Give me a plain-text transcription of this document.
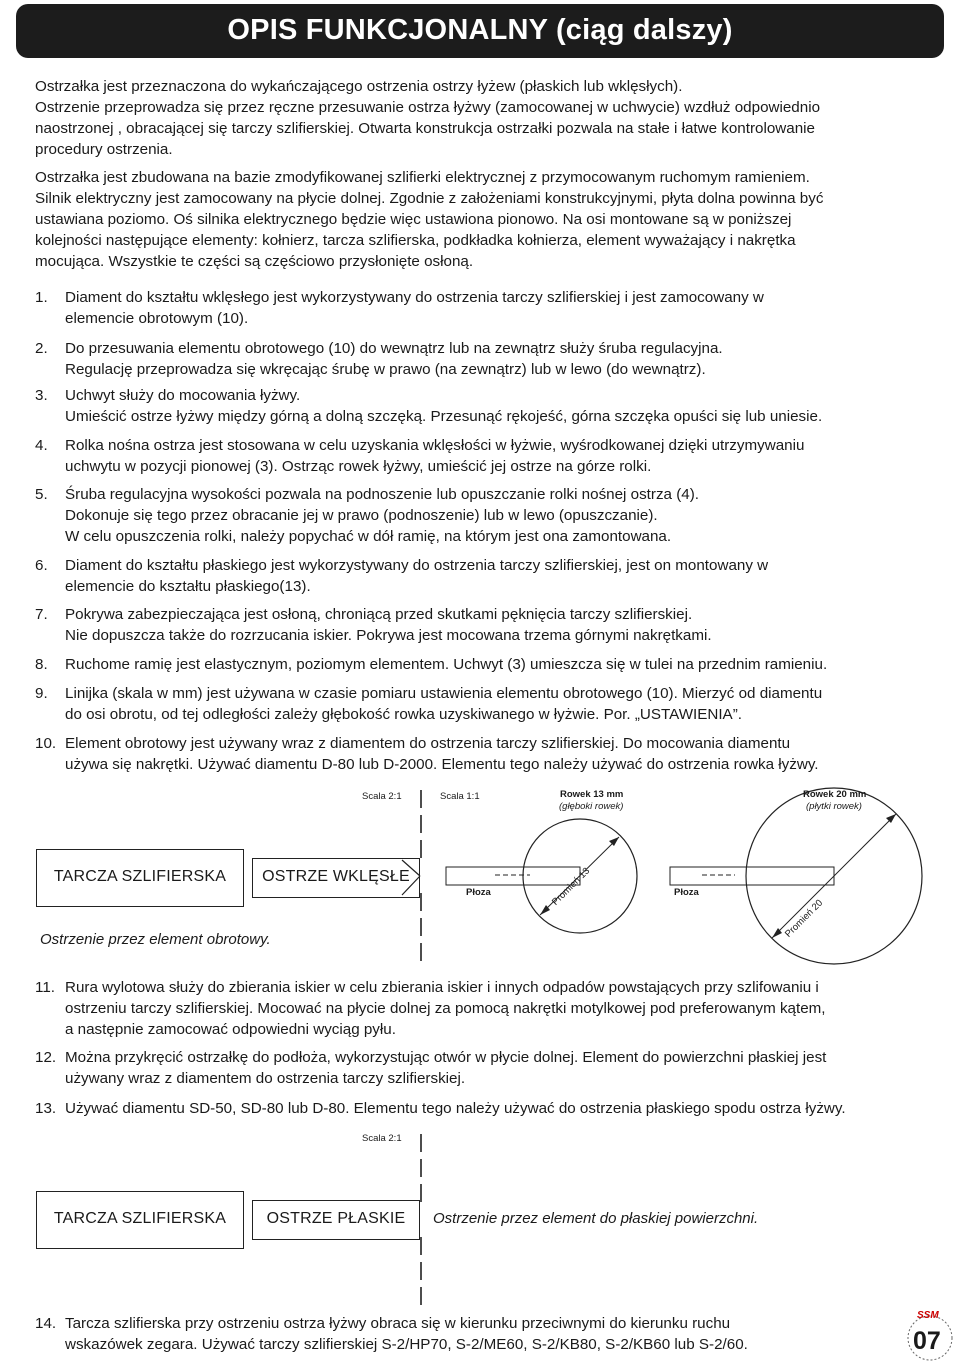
OPIS FUNKCJONALNY (ciąg dalszy)
Ostrzałka jest przeznaczona do wykańczającego ostrzenia ostrzy łyżew (płaskich lub wklęsłych).
Ostrzenie przeprowadza się przez ręczne przesuwanie ostrza łyżwy (zamocowanej w uchwycie) wzdłuż odpowiednio
naostrzonej , obracającej się tarczy szlifierskiej. Otwarta konstrukcja ostrzałki pozwala na stałe i łatwe kontrolowanie
procedury ostrzenia.
Ostrzałka jest zbudowana na bazie zmodyfikowanej szlifierki elektrycznej z przymocowanym ruchomym ramieniem.
Silnik elektryczny jest zamocowany na płycie dolnej. Zgodnie z założeniami konstrukcyjnymi, płyta dolna powinna być
ustawiana poziomo. Oś silnika elektrycznego będzie więc ustawiona pionowo. Na osi montowane są w poniższej
kolejności następujące elementy: kołnierz, tarcza szlifierska, podkładka kołnierza, element wyważający i nakrętka
mocująca. Wszystkie te części są częściowo przysłonięte osłoną.
1. Diament do kształtu wklęsłego jest wykorzystywany do ostrzenia tarczy szlifierskiej i jest zamocowany w
elemencie obrotowym (10).
2. Do przesuwania elementu obrotowego (10) do wewnątrz lub na zewnątrz służy śruba regulacyjna.
Regulację przeprowadza się wkręcając śrubę w prawo (na zewnątrz) lub w lewo (do wewnątrz).
3. Uchwyt służy do mocowania łyżwy.
Umieścić ostrze łyżwy między górną a dolną szczęką. Przesunąć rękojeść, górna szczęka opuści się lub uniesie.
4. Rolka nośna ostrza jest stosowana w celu uzyskania wklęsłości w łyżwie, wyśrodkowanej dzięki utrzymywaniu
uchwytu w pozycji pionowej (3). Ostrząc rowek łyżwy, umieścić jej ostrze na górze rolki.
5. Śruba regulacyjna wysokości pozwala na podnoszenie lub opuszczanie rolki nośnej ostrza (4).
Dokonuje się tego przez obracanie jej w prawo (podnoszenie) lub w lewo (opuszczanie).
W celu opuszczenia rolki, należy popychać w dół ramię, na którym jest ona zamontowana.
6. Diament do kształtu płaskiego jest wykorzystywany do ostrzenia tarczy szlifierskiej, jest on montowany w
elemencie do kształtu płaskiego(13).
7. Pokrywa zabezpieczająca jest osłoną, chroniącą przed skutkami pęknięcia tarczy szlifierskiej.
Nie dopuszcza także do rozrzucania iskier. Pokrywa jest mocowana trzema górnymi nakrętkami.
8. Ruchome ramię jest elastycznym, poziomym elementem. Uchwyt (3) umieszcza się w tulei na przednim ramieniu.
9. Linijka (skala w mm) jest używana w czasie pomiaru ustawienia elementu obrotowego (10). Mierzyć od diamentu
do osi obrotu, od tej odległości zależy głębokość rowka uzyskiwanego w łyżwie. Por. „USTAWIENIA”.
10. Element obrotowy jest używany wraz z diamentem do ostrzenia tarczy szlifierskiej. Do mocowania diamentu
używa się nakrętki. Używać diamentu D-80 lub D-2000. Elementu tego należy używać do ostrzenia rowka łyżwy.
Scala 2:1	Scala 1:1	Rowek 13 mm
(głęboki rowek)
Rowek 20 mm
(płytki rowek)
Płoza	Płoza
Promień 13
Promień 20
TARCZA SZLIFIERSKA	OSTRZE WKLĘSŁE
Ostrzenie przez element obrotowy.
11. Rura wylotowa służy do zbierania iskier w celu zbierania iskier i innych odpadów powstających przy szlifowaniu i
ostrzeniu tarczy szlifierskiej. Mocować na płycie dolnej za pomocą nakrętki motylkowej pod preferowanym kątem,
a następnie zamocować odpowiedni wyciąg pyłu.
12. Można przykręcić ostrzałkę do podłoża, wykorzystując otwór w płycie dolnej. Element do powierzchni płaskiej jest
używany wraz z diamentem do ostrzenia tarczy szlifierskiej.
13. Używać diamentu SD-50, SD-80 lub D-80. Elementu tego należy używać do ostrzenia płaskiego spodu ostrza łyżwy.
Scala 2:1
TARCZA SZLIFIERSKA	OSTRZE PŁASKIE	Ostrzenie przez element do płaskiej powierzchni.
14. Tarcza szlifierska przy ostrzeniu ostrza łyżwy obraca się w kierunku przeciwnymi do kierunku ruchu
wskazówek zegara. Używać tarczy szlifierskiej S-2/HP70, S-2/ME60, S-2/KB80, S-2/KB60 lub S-2/60.
SSM
07
